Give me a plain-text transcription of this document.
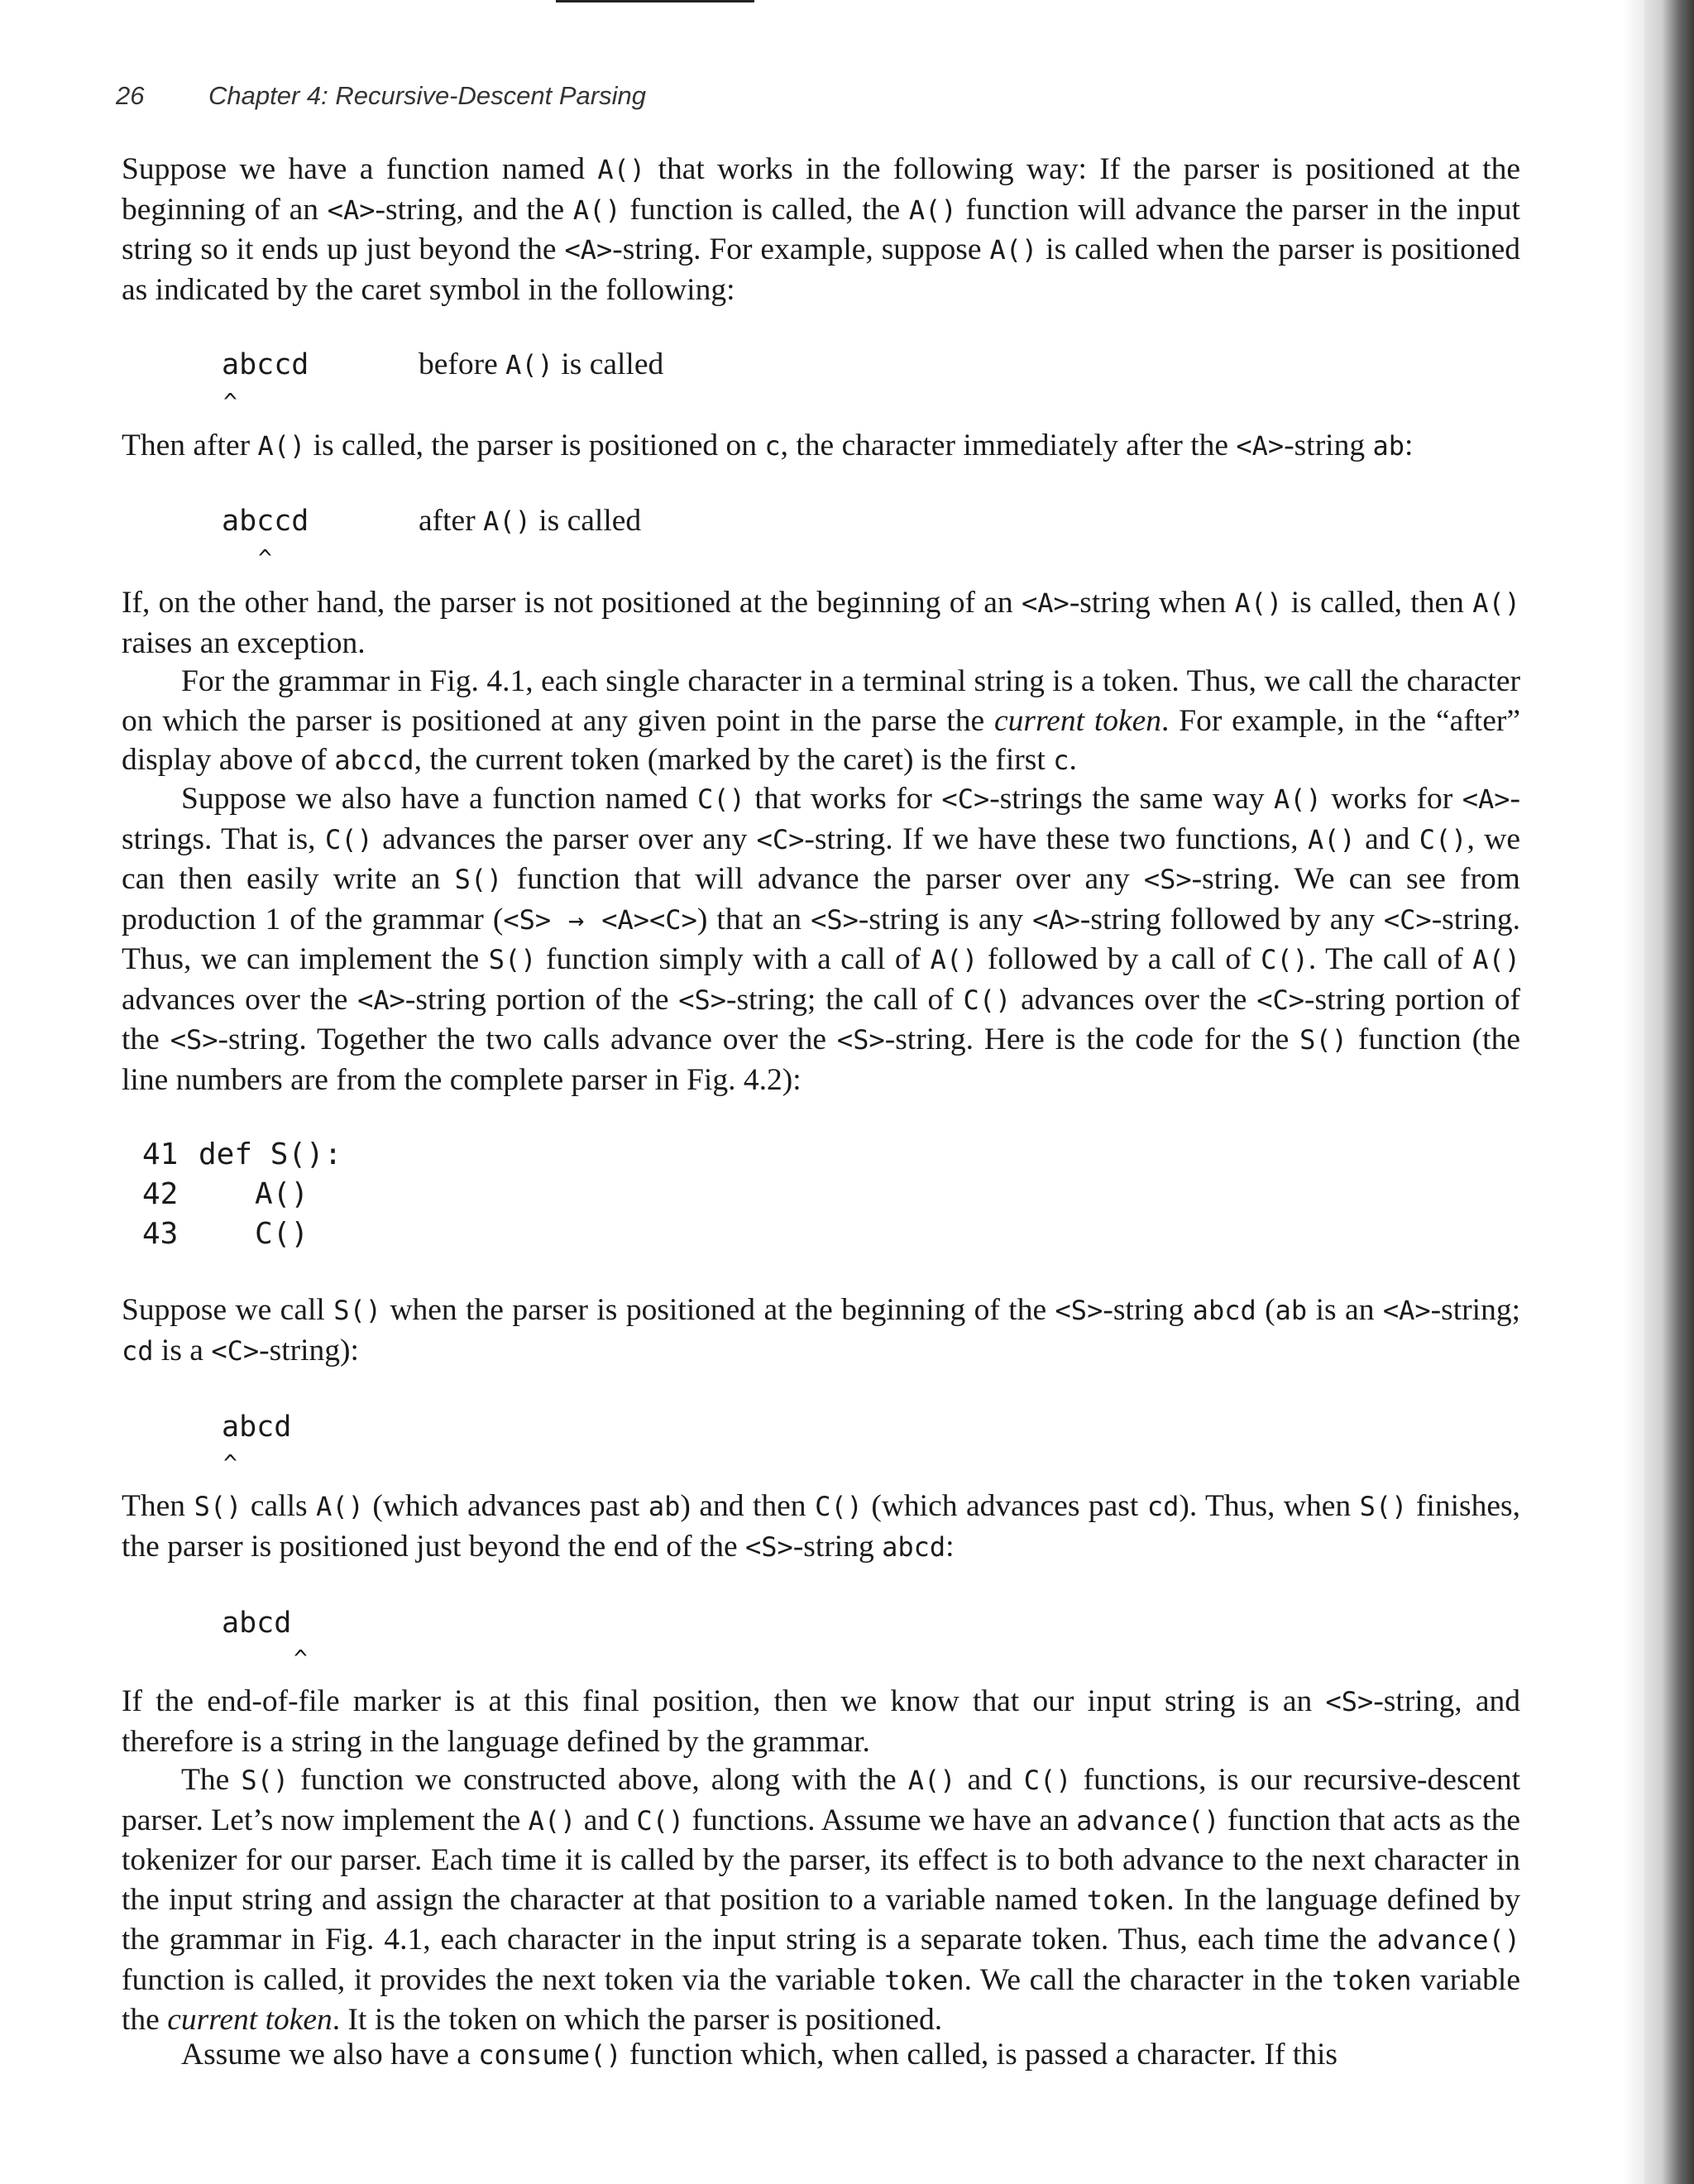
26	Chapter 4: Recursive-Descent Parsing

Suppose we have a function named A() that works in the following way: If the parser is positioned at the beginning of an <A>-string, and the A() function is called, the A() function will advance the parser in the input string so it ends up just beyond the <A>-string. For example, suppose A() is called when the parser is positioned as indicated by the caret symbol in the following:

abccd	before A() is called
^

Then after A() is called, the parser is positioned on c, the character immediately after the <A>-string ab:

abccd	after A() is called
^

If, on the other hand, the parser is not positioned at the beginning of an <A>-string when A() is called, then A() raises an exception.

For the grammar in Fig. 4.1, each single character in a terminal string is a token. Thus, we call the character on which the parser is positioned at any given point in the parse the current token. For example, in the “after” display above of abccd, the current token (marked by the caret) is the first c.

Suppose we also have a function named C() that works for <C>-strings the same way A() works for <A>-strings. That is, C() advances the parser over any <C>-string. If we have these two functions, A() and C(), we can then easily write an S() function that will advance the parser over any <S>-string. We can see from production 1 of the grammar (<S> → <A><C>) that an <S>-string is any <A>-string followed by any <C>-string. Thus, we can implement the S() function simply with a call of A() followed by a call of C(). The call of A() advances over the <A>-string portion of the <S>-string; the call of C() advances over the <C>-string portion of the <S>-string. Together the two calls advance over the <S>-string. Here is the code for the S() function (the line numbers are from the complete parser in Fig. 4.2):

41 def S():
42	A()
43	C()

Suppose we call S() when the parser is positioned at the beginning of the <S>-string abcd (ab is an <A>-string; cd is a <C>-string):

abcd
^

Then S() calls A() (which advances past ab) and then C() (which advances past cd). Thus, when S() finishes, the parser is positioned just beyond the end of the <S>-string abcd:

abcd
^

If the end-of-file marker is at this final position, then we know that our input string is an <S>-string, and therefore is a string in the language defined by the grammar.

The S() function we constructed above, along with the A() and C() functions, is our recursive-descent parser. Let’s now implement the A() and C() functions. Assume we have an advance() function that acts as the tokenizer for our parser. Each time it is called by the parser, its effect is to both advance to the next character in the input string and assign the character at that position to a variable named token. In the language defined by the grammar in Fig. 4.1, each character in the input string is a separate token. Thus, each time the advance() function is called, it provides the next token via the variable token. We call the character in the token variable the current token. It is the token on which the parser is positioned.

Assume we also have a consume() function which, when called, is passed a character. If this
